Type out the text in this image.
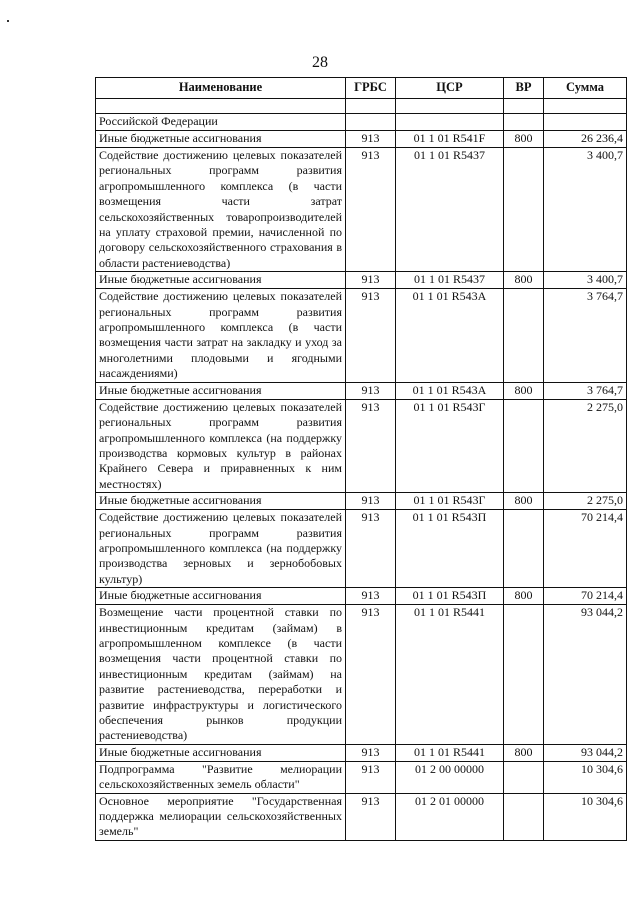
28
Наименование	ГРБС	ЦСР	ВР	Сумма

Российской Федерации				
Иные бюджетные ассигнования	913	01 1 01 R541F	800	26 236,4
Содействие достижению целевых показателей региональных программ развития агропромышленного комплекса (в части возмещения части затрат сельскохозяйственных товаропроизводителей на уплату страховой премии, начисленной по договору сельскохозяйственного страхования в области растениеводства)	913	01 1 01 R5437		3 400,7
Иные бюджетные ассигнования	913	01 1 01 R5437	800	3 400,7
Содействие достижению целевых показателей региональных программ развития агропромышленного комплекса (в части возмещения части затрат на закладку и уход за многолетними плодовыми и ягодными насаждениями)	913	01 1 01 R543A		3 764,7
Иные бюджетные ассигнования	913	01 1 01 R543A	800	3 764,7
Содействие достижению целевых показателей региональных программ развития агропромышленного комплекса (на поддержку производства кормовых культур в районах Крайнего Севера и приравненных к ним местностях)	913	01 1 01 R543Г		2 275,0
Иные бюджетные ассигнования	913	01 1 01 R543Г	800	2 275,0
Содействие достижению целевых показателей региональных программ развития агропромышленного комплекса (на поддержку производства зерновых и зернобобовых культур)	913	01 1 01 R543П		70 214,4
Иные бюджетные ассигнования	913	01 1 01 R543П	800	70 214,4
Возмещение части процентной ставки по инвестиционным кредитам (займам) в агропромышленном комплексе (в части возмещения части процентной ставки по инвестиционным кредитам (займам) на развитие растениеводства, переработки и развитие инфраструктуры и логистического обеспечения рынков продукции растениеводства)	913	01 1 01 R5441		93 044,2
Иные бюджетные ассигнования	913	01 1 01 R5441	800	93 044,2
Подпрограмма "Развитие мелиорации сельскохозяйственных земель области"	913	01 2 00 00000		10 304,6
Основное мероприятие "Государственная поддержка мелиорации сельскохозяйственных земель"	913	01 2 01 00000		10 304,6
